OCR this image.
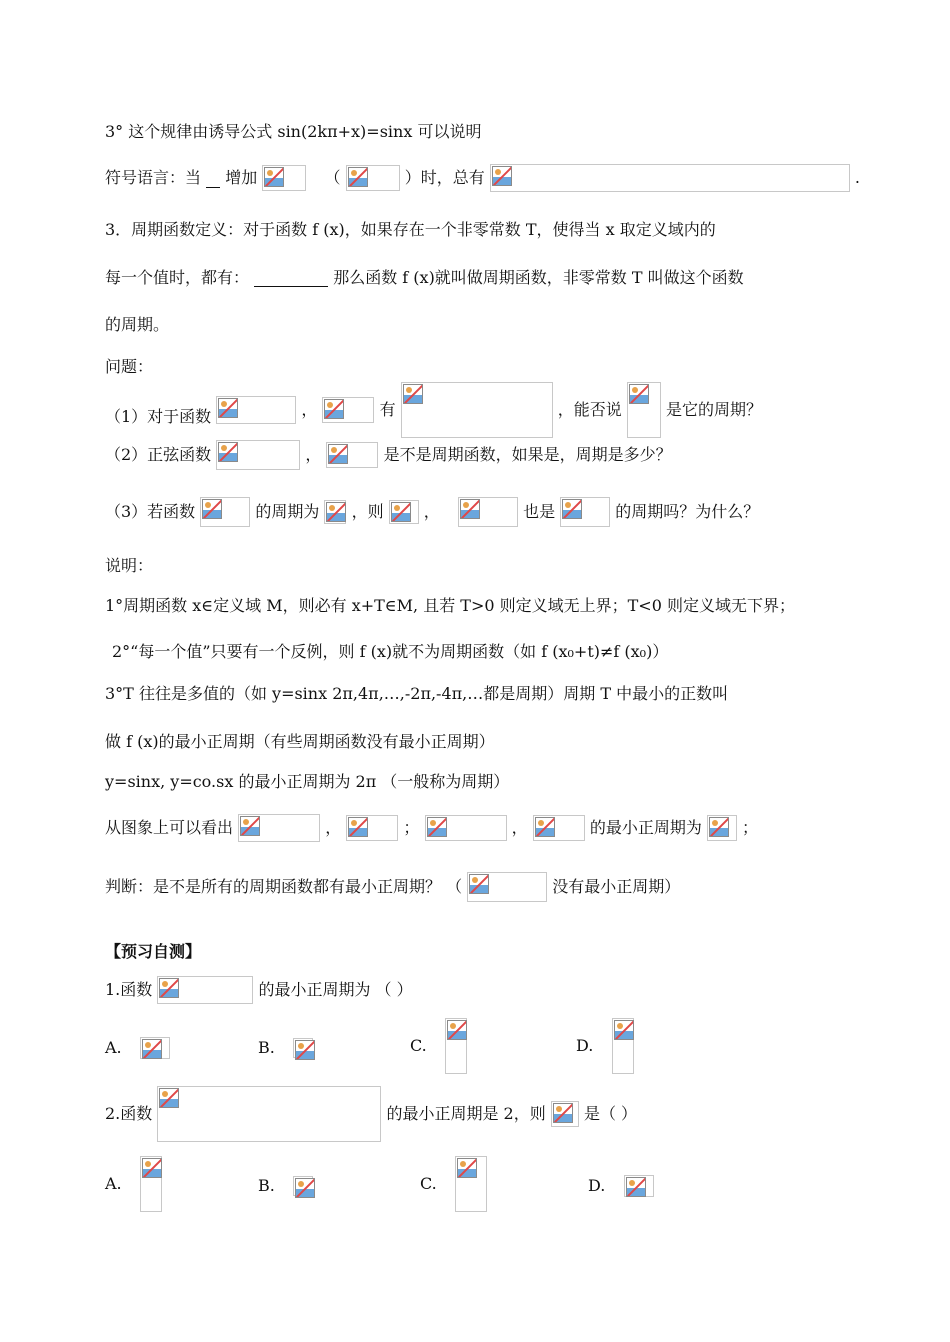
3° 这个规律由诱导公式 sin(2kπ+x)=sinx 可以说明
符号语言：当 增加	（	）时，总有	.
3．周期函数定义：对于函数 f (x)，如果存在一个非零常数 T，使得当 x 取定义域内的
每一个值时，都有：	那么函数 f (x)就叫做周期函数，非零常数 T 叫做这个函数
的周期。
问题：
（1）对于函数	，	有	，能否说	是它的周期？
（2）正弦函数	，	是不是周期函数，如果是，周期是多少？
（3）若函数	的周期为 ，则	，	也是	的周期吗？为什么？
说明：
1°周期函数 x∈定义域 M，则必有 x+T∈M, 且若 T>0 则定义域无上界；T<0 则定义域无下界；
2°“每一个值”只要有一个反例，则 f (x)就不为周期函数（如 f (x₀+t)≠f (x₀)）
3°T 往往是多值的（如 y=sinx 2π,4π,…,-2π,-4π,…都是周期）周期 T 中最小的正数叫
做 f (x)的最小正周期（有些周期函数没有最小正周期）
y=sinx, y=co.sx 的最小正周期为 2π （一般称为周期）
从图象上可以看出	，	；	，	的最小正周期为	；
判断：是不是所有的周期函数都有最小正周期？ （	没有最小正周期）
【预习自测】
1.函数	的最小正周期为 （ ）
A.	B.	C.	D.
2.函数	的最小正周期是 2，则 是（ ）
A.	B.	C.	D.
